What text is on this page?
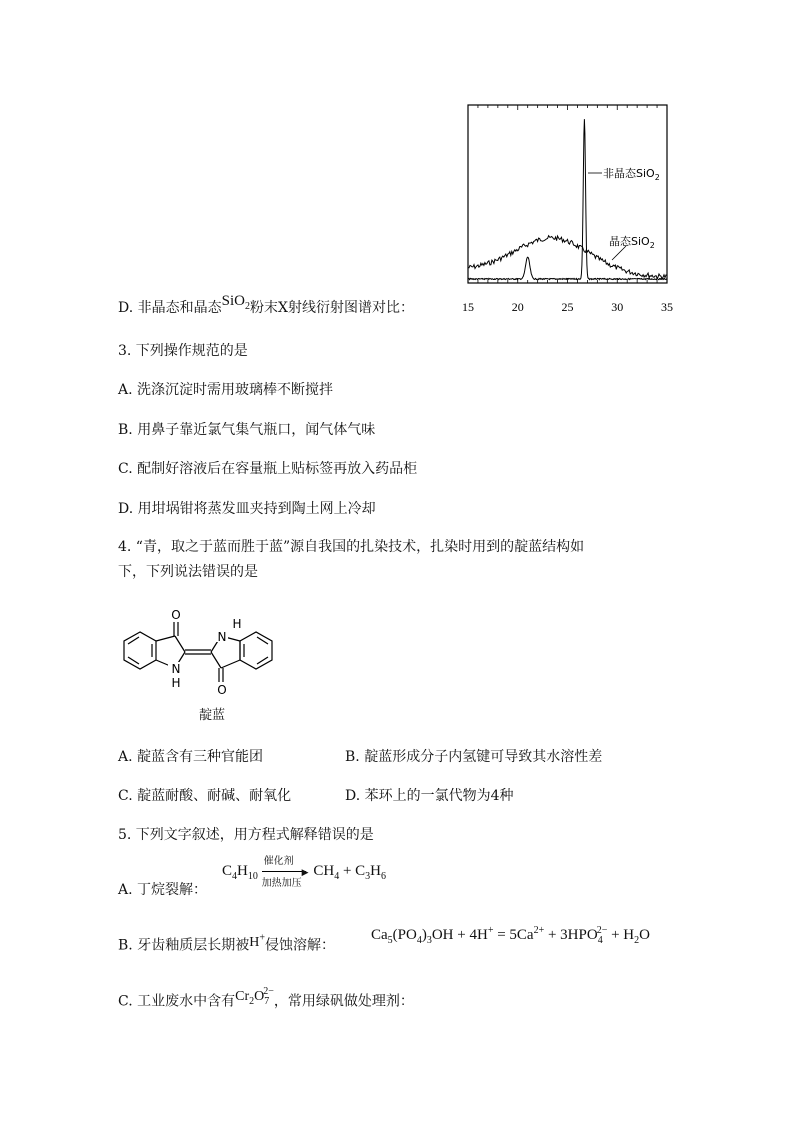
非晶态SiO$_2$
晶态SiO$_2$
15	20	25	30	35
D. 非晶态和晶态SiO$_2$粉末X射线衍射图谱对比：
3. 下列操作规范的是
A. 洗涤沉淀时需用玻璃棒不断搅拌
B. 用鼻子靠近氯气集气瓶口，闻气体气味
C. 配制好溶液后在容量瓶上贴标签再放入药品柜
D. 用坩埚钳将蒸发皿夹持到陶土网上冷却
4. “青，取之于蓝而胜于蓝”源自我国的扎染技术，扎染时用到的靛蓝结构如
下，下列说法错误的是
N
H
N
H
O
O
靛蓝
A. 靛蓝含有三种官能团	B. 靛蓝形成分子内氢键可导致其水溶性差
C. 靛蓝耐酸、耐碱、耐氧化	D. 苯环上的一氯代物为4种
5. 下列文字叙述，用方程式解释错误的是
A. 丁烷裂解：
$C_4H_{10}$
催化剂
▶
加热加压
$CH_4 + C_3H_6$
B. 牙齿釉质层长期被H+侵蚀溶解：
$Ca_5(PO_4)_3OH + 4H^+ = 5Ca^{2+} + 3HPO_4^{2-} + H_2O$
C. 工业废水中含有$Cr_2O_7^{2-}$，常用绿矾做处理剂：
